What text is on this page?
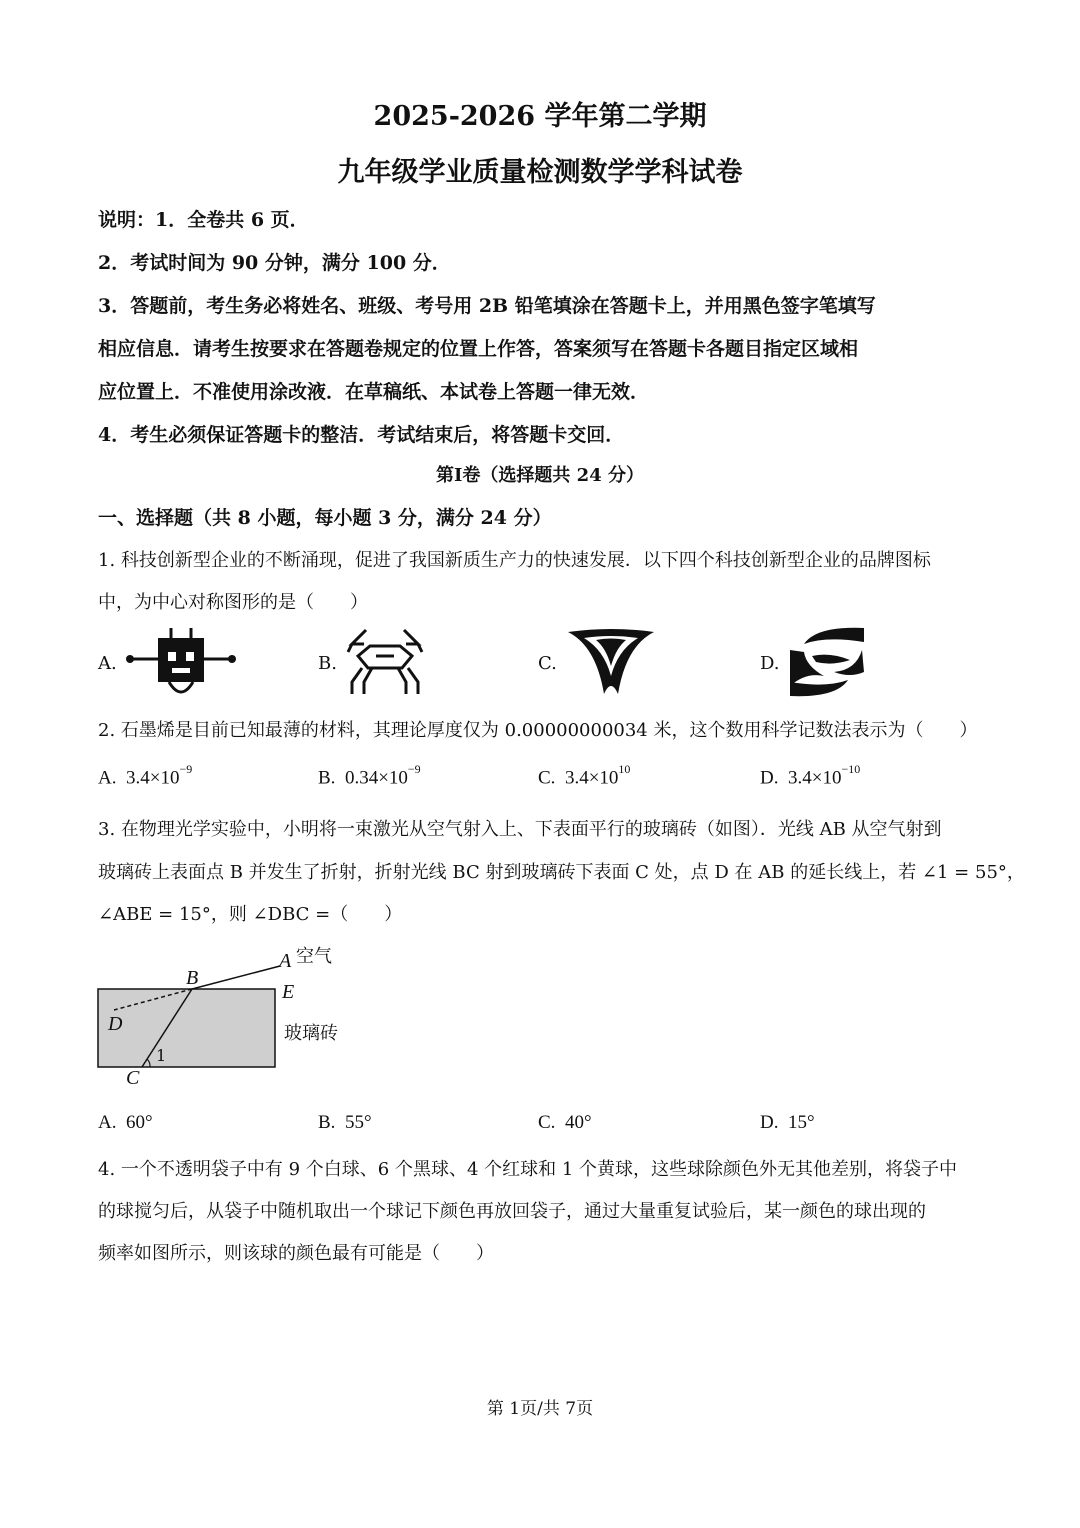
2025-2026 学年第二学期
九年级学业质量检测数学学科试卷
说明：1．全卷共 6 页．
2．考试时间为 90 分钟，满分 100 分．
3．答题前，考生务必将姓名、班级、考号用 2B 铅笔填涂在答题卡上，并用黑色签字笔填写
相应信息．请考生按要求在答题卷规定的位置上作答，答案须写在答题卡各题目指定区域相
应位置上．不准使用涂改液．在草稿纸、本试卷上答题一律无效．
4．考生必须保证答题卡的整洁．考试结束后，将答题卡交回．
第Ⅰ卷（选择题共 24 分）
一、选择题（共 8 小题，每小题 3 分，满分 24 分）
1. 科技创新型企业的不断涌现，促进了我国新质生产力的快速发展．以下四个科技创新型企业的品牌图标
中，为中心对称图形的是（　　）
A.	B.	C.	D.
2. 石墨烯是目前已知最薄的材料，其理论厚度仅为 0.00000000034 米，这个数用科学记数法表示为（　　）
A. $3.4\times 10^{-9}$	B. $0.34\times 10^{-9}$	C. $3.4\times 10^{10}$	D. $3.4\times 10^{-10}$
3. 在物理光学实验中，小明将一束激光从空气射入上、下表面平行的玻璃砖（如图）．光线 AB 从空气射到
玻璃砖上表面点 B 并发生了折射，折射光线 BC 射到玻璃砖下表面 C 处，点 D 在 AB 的延长线上，若 ∠1 = 55°，
∠ABE = 15°，则 ∠DBC =（　　）
A 空气
B
E
D	玻璃砖
1
C
A. 60°	B. 55°	C. 40°	D. 15°
4. 一个不透明袋子中有 9 个白球、6 个黑球、4 个红球和 1 个黄球，这些球除颜色外无其他差别，将袋子中
的球搅匀后，从袋子中随机取出一个球记下颜色再放回袋子，通过大量重复试验后，某一颜色的球出现的
频率如图所示，则该球的颜色最有可能是（　　）
第 1页/共 7页
